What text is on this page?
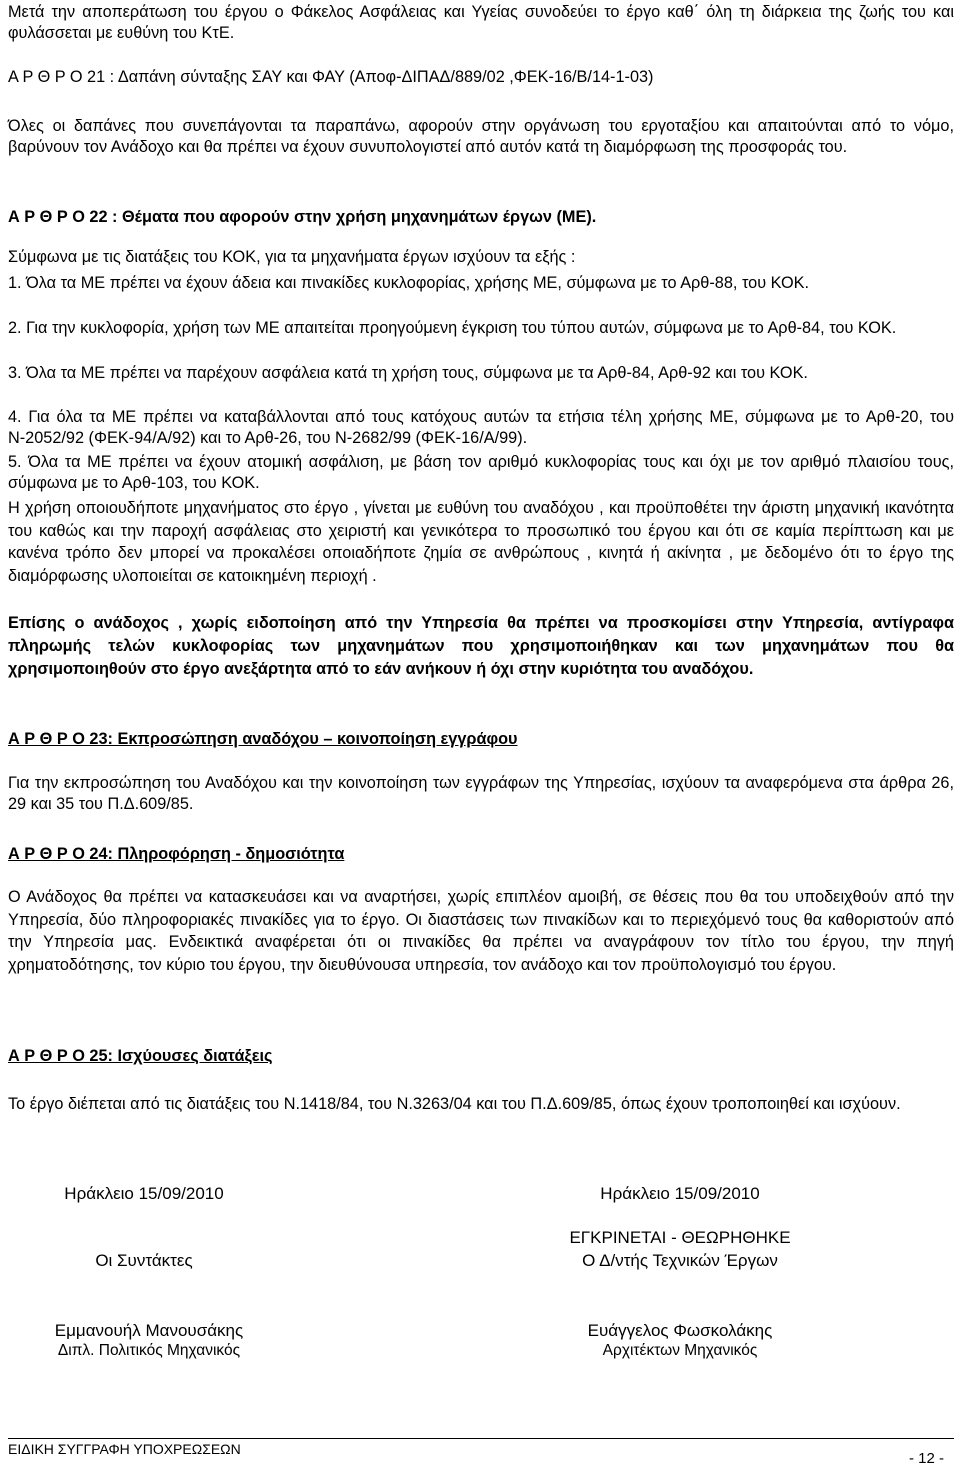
Μετά την αποπεράτωση του έργου ο Φάκελος Ασφάλειας και Υγείας συνοδεύει το έργο καθ΄ όλη τη διάρκεια της ζωής του και φυλάσσεται με ευθύνη του ΚτΕ.

Α Ρ Θ Ρ Ο 21 : Δαπάνη σύνταξης ΣΑΥ και ΦΑΥ (Αποφ-ΔΙΠΑΔ/889/02 ,ΦΕΚ-16/Β/14-1-03)

Όλες οι δαπάνες που συνεπάγονται τα παραπάνω, αφορούν στην οργάνωση του εργοταξίου και απαιτούνται από το νόμο, βαρύνουν τον Ανάδοχο και θα πρέπει να έχουν συνυπολογιστεί από αυτόν κατά τη διαμόρφωση της προσφοράς του.

Α Ρ Θ Ρ Ο 22 : Θέματα που αφορούν στην χρήση μηχανημάτων έργων (ΜΕ).

Σύμφωνα με τις διατάξεις του ΚΟΚ, για τα μηχανήματα έργων ισχύουν τα εξής :

1. Όλα τα ΜΕ πρέπει να έχουν άδεια και πινακίδες κυκλοφορίας, χρήσης ΜΕ, σύμφωνα με το Αρθ-88, του ΚΟΚ.

2. Για την κυκλοφορία, χρήση των ΜΕ απαιτείται προηγούμενη έγκριση του τύπου αυτών, σύμφωνα με το Αρθ-84, του ΚΟΚ.

3. Όλα τα ΜΕ πρέπει να παρέχουν ασφάλεια κατά τη χρήση τους, σύμφωνα με τα Αρθ-84, Αρθ-92 και του ΚΟΚ.

4. Για όλα τα ΜΕ πρέπει να καταβάλλονται από τους κατόχους αυτών τα ετήσια τέλη χρήσης ΜΕ, σύμφωνα με το Αρθ-20, του Ν-2052/92 (ΦΕΚ-94/Α/92) και το Αρθ-26, του Ν-2682/99 (ΦΕΚ-16/Α/99).

5. Όλα τα ΜΕ πρέπει να έχουν ατομική ασφάλιση, με βάση τον αριθμό κυκλοφορίας τους και όχι με τον αριθμό πλαισίου τους, σύμφωνα με το Αρθ-103, του ΚΟΚ.

Η χρήση οποιουδήποτε μηχανήματος στο έργο , γίνεται με ευθύνη του αναδόχου , και προϋποθέτει την άριστη μηχανική ικανότητα του καθώς και την παροχή ασφάλειας στο χειριστή και γενικότερα το προσωπικό του έργου και ότι σε καμία περίπτωση και με κανένα τρόπο δεν μπορεί να προκαλέσει οποιαδήποτε ζημία σε ανθρώπους , κινητά ή ακίνητα , με δεδομένο ότι το έργο της διαμόρφωσης υλοποιείται σε κατοικημένη περιοχή .

Επίσης ο ανάδοχος , χωρίς ειδοποίηση από την Υπηρεσία θα πρέπει να προσκομίσει στην Υπηρεσία, αντίγραφα πληρωμής τελών κυκλοφορίας των μηχανημάτων που χρησιμοποιήθηκαν και των μηχανημάτων που θα χρησιμοποιηθούν στο έργο ανεξάρτητα από το εάν ανήκουν ή όχι στην κυριότητα του αναδόχου.

Α Ρ Θ Ρ Ο 23: Εκπροσώπηση αναδόχου – κοινοποίηση εγγράφου

Για την εκπροσώπηση του Αναδόχου και την κοινοποίηση των εγγράφων της Υπηρεσίας, ισχύουν τα αναφερόμενα στα άρθρα 26, 29 και 35 του Π.Δ.609/85.

Α Ρ Θ Ρ Ο 24: Πληροφόρηση - δημοσιότητα

Ο Ανάδοχος θα πρέπει να κατασκευάσει και να αναρτήσει, χωρίς επιπλέον αμοιβή, σε θέσεις που θα του υποδειχθούν από την Υπηρεσία, δύο πληροφοριακές πινακίδες για το έργο. Οι διαστάσεις των πινακίδων και το περιεχόμενό τους θα καθοριστούν από την Υπηρεσία μας. Ενδεικτικά αναφέρεται ότι οι πινακίδες θα πρέπει να αναγράφουν τον τίτλο του έργου, την πηγή χρηματοδότησης, τον κύριο του έργου, την διευθύνουσα υπηρεσία, τον ανάδοχο και τον προϋπολογισμό του έργου.

Α Ρ Θ Ρ Ο 25: Ισχύουσες διατάξεις

Το έργο διέπεται από τις διατάξεις του Ν.1418/84, του Ν.3263/04 και του Π.Δ.609/85, όπως έχουν τροποποιηθεί και ισχύουν.

Ηράκλειο 15/09/2010
Οι Συντάκτες
Εμμανουήλ Μανουσάκης
Διπλ. Πολιτικός Μηχανικός
Ηράκλειο 15/09/2010
ΕΓΚΡΙΝΕΤΑΙ - ΘΕΩΡΗΘΗΚΕ
Ο Δ/ντής Τεχνικών Έργων
Ευάγγελος Φωσκολάκης
Αρχιτέκτων Μηχανικός
ΕΙΔΙΚΗ ΣΥΓΓΡΑΦΗ ΥΠΟΧΡΕΩΣΕΩΝ
- 12 -
